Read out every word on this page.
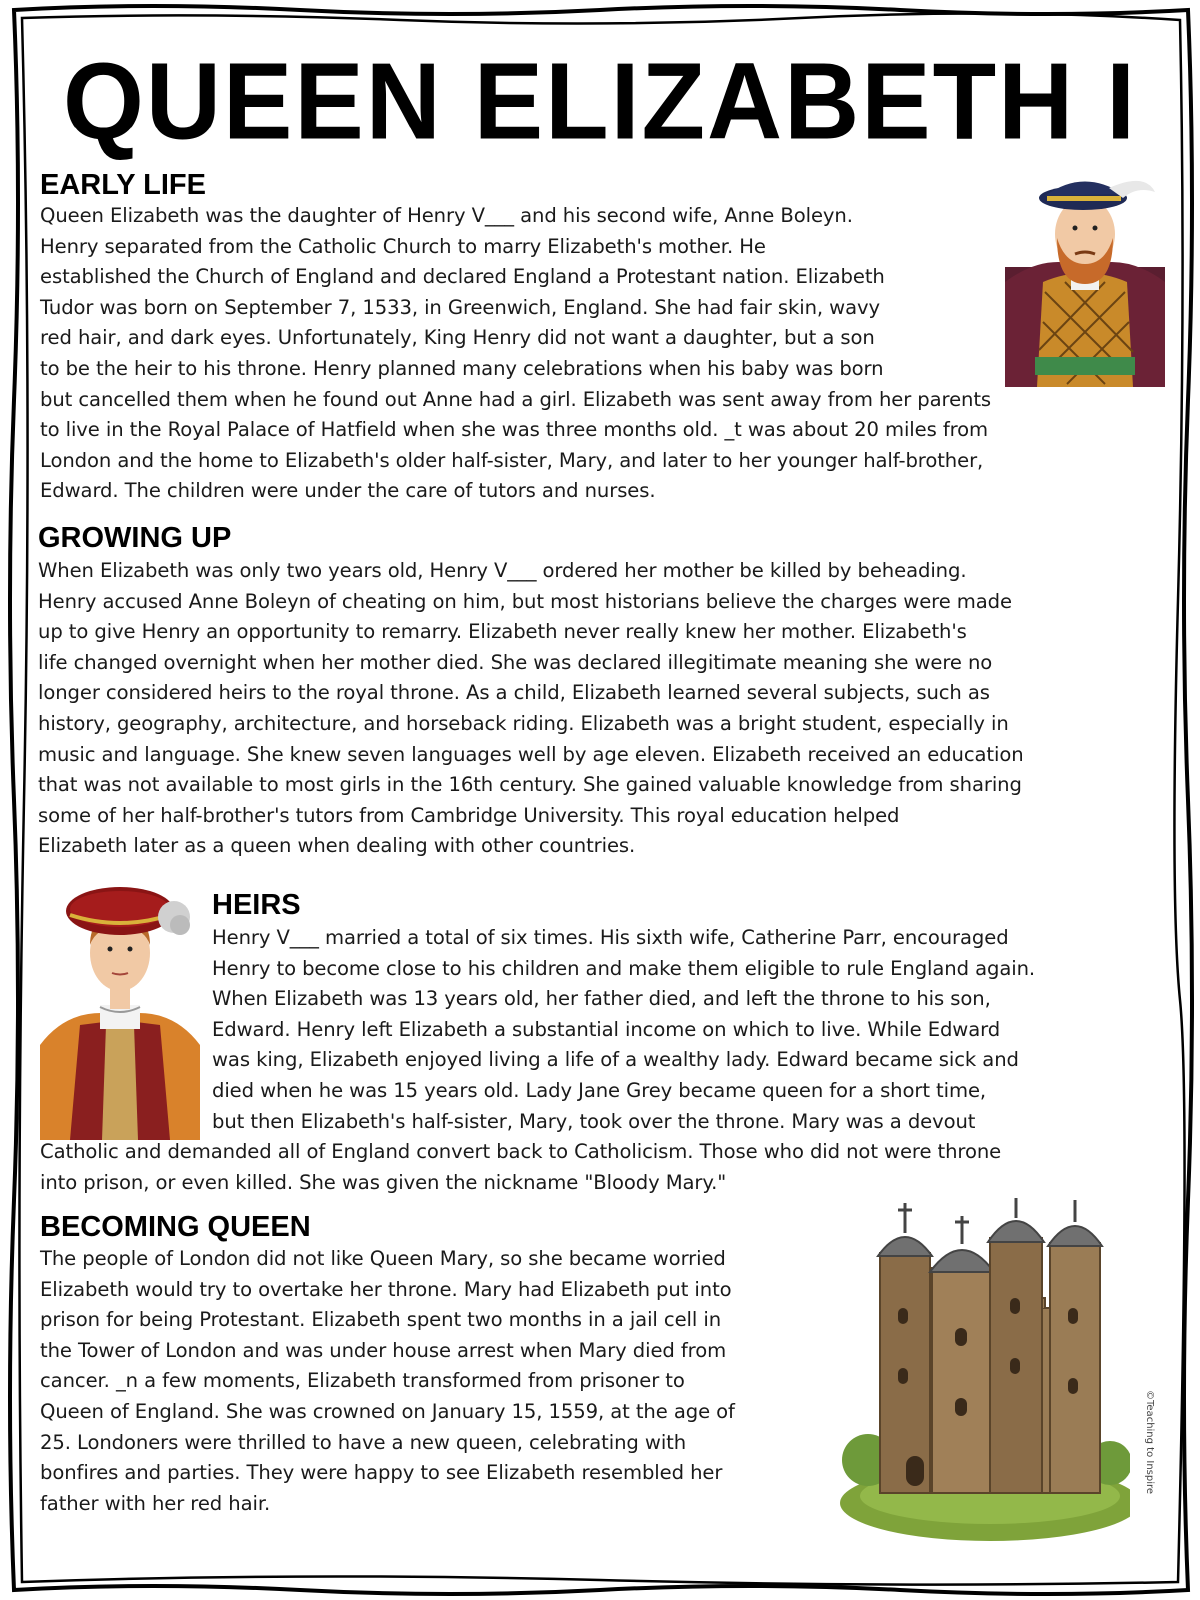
QUEEN ELIZABETH I
EARLY LIFE
Queen Elizabeth was the daughter of Henry V___ and his second wife, Anne Boleyn.
Henry separated from the Catholic Church to marry Elizabeth's mother. He
established the Church of England and declared England a Protestant nation. Elizabeth
Tudor was born on September 7, 1533, in Greenwich, England. She had fair skin, wavy
red hair, and dark eyes. Unfortunately, King Henry did not want a daughter, but a son
to be the heir to his throne. Henry planned many celebrations when his baby was born
but cancelled them when he found out Anne had a girl. Elizabeth was sent away from her parents
to live in the Royal Palace of Hatfield when she was three months old. _t was about 20 miles from
London and the home to Elizabeth's older half-sister, Mary, and later to her younger half-brother,
Edward. The children were under the care of tutors and nurses.
GROWING UP
When Elizabeth was only two years old, Henry V___ ordered her mother be killed by beheading.
Henry accused Anne Boleyn of cheating on him, but most historians believe the charges were made
up to give Henry an opportunity to remarry. Elizabeth never really knew her mother. Elizabeth's
life changed overnight when her mother died. She was declared illegitimate meaning she were no
longer considered heirs to the royal throne. As a child, Elizabeth learned several subjects, such as
history, geography, architecture, and horseback riding. Elizabeth was a bright student, especially in
music and language. She knew seven languages well by age eleven. Elizabeth received an education
that was not available to most girls in the 16th century. She gained valuable knowledge from sharing
some of her half-brother's tutors from Cambridge University. This royal education helped
Elizabeth later as a queen when dealing with other countries.
HEIRS
Henry V___ married a total of six times. His sixth wife, Catherine Parr, encouraged
Henry to become close to his children and make them eligible to rule England again.
When Elizabeth was 13 years old, her father died, and left the throne to his son,
Edward. Henry left Elizabeth a substantial income on which to live. While Edward
was king, Elizabeth enjoyed living a life of a wealthy lady. Edward became sick and
died when he was 15 years old. Lady Jane Grey became queen for a short time,
but then Elizabeth's half-sister, Mary, took over the throne. Mary was a devout
Catholic and demanded all of England convert back to Catholicism. Those who did not were throne
into prison, or even killed. She was given the nickname "Bloody Mary."
BECOMING QUEEN
The people of London did not like Queen Mary, so she became worried
Elizabeth would try to overtake her throne. Mary had Elizabeth put into
prison for being Protestant. Elizabeth spent two months in a jail cell in
the Tower of London and was under house arrest when Mary died from
cancer. _n a few moments, Elizabeth transformed from prisoner to
Queen of England. She was crowned on January 15, 1559, at the age of
25. Londoners were thrilled to have a new queen, celebrating with
bonfires and parties. They were happy to see Elizabeth resembled her
father with her red hair.
©Teaching to Inspire
